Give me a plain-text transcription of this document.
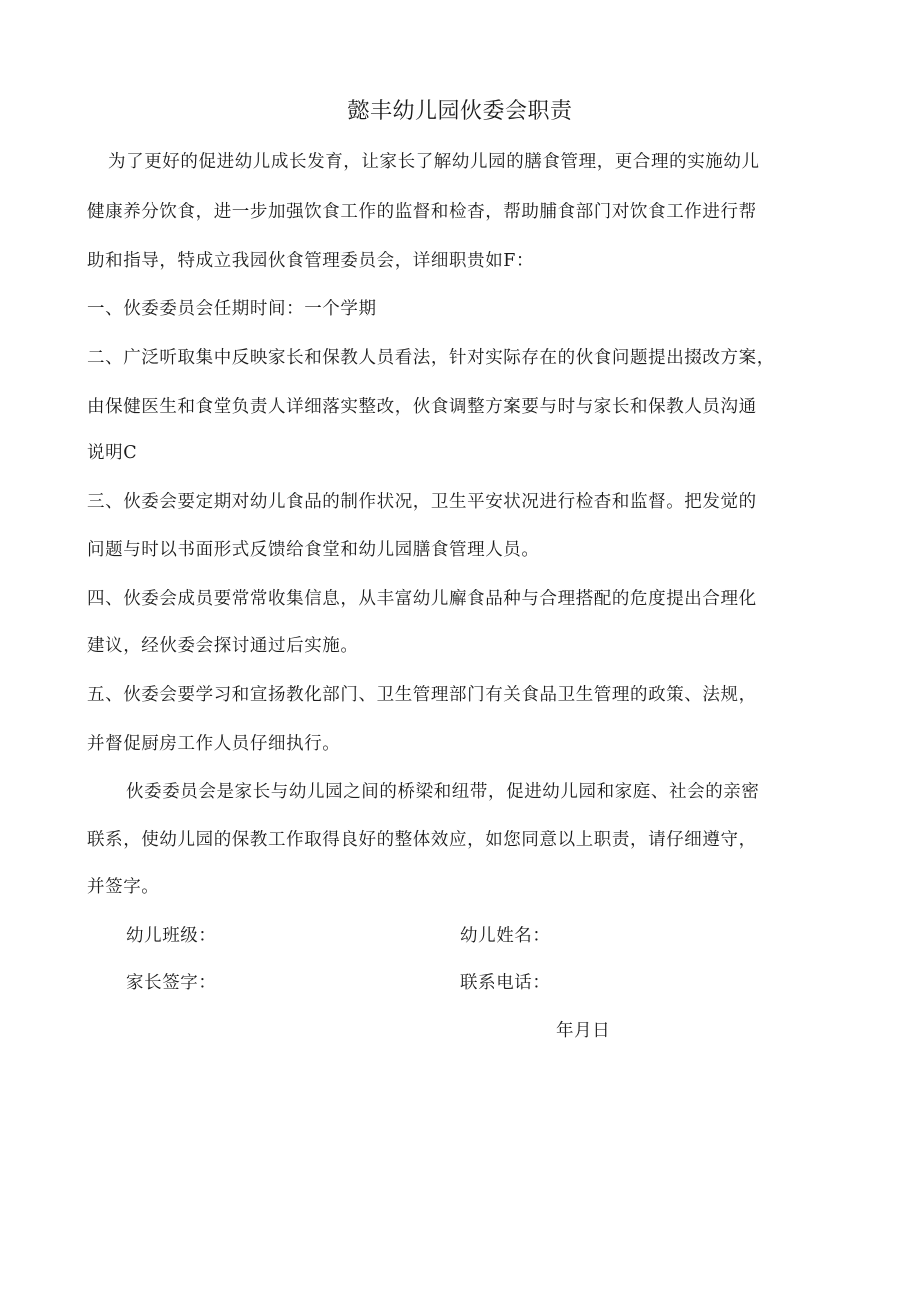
懿丰幼儿园伙委会职责

为了更好的促进幼儿成长发育，让家长了解幼儿园的膳食管理，更合理的实施幼儿

健康养分饮食，进一步加强饮食工作的监督和检杳，帮助脯食部门对饮食工作进行帮

助和指导，特成立我园伙食管理委员会，详细职贵如F：

一、伙委委员会任期时间：一个学期

二、广泛听取集中反映家长和保教人员看法，针对实际存在的伙食问题提出掇改方案，

由保健医生和食堂负责人详细落实整改，伙食调整方案要与时与家长和保教人员沟通

说明C

三、伙委会要定期对幼儿食品的制作状况，卫生平安状况进行检杳和监督。把发觉的

问题与时以书面形式反馈给食堂和幼儿园膳食管理人员。

四、伙委会成员要常常收集信息，从丰富幼儿廨食品种与合理搭配的危度提出合理化

建议，经伙委会探讨通过后实施。

五、伙委会要学习和宣扬教化部门、卫生管理部门有关食品卫生管理的政策、法规，

并督促厨房工作人员仔细执行。

伙委委员会是家长与幼儿园之间的桥梁和纽带，促进幼儿园和家庭、社会的亲密

联系，使幼儿园的保教工作取得良好的整体效应，如您同意以上职责，请仔细遵守，

并签字。

幼儿班级：	幼儿姓名：

家长签字：	联系电话：

年月日
